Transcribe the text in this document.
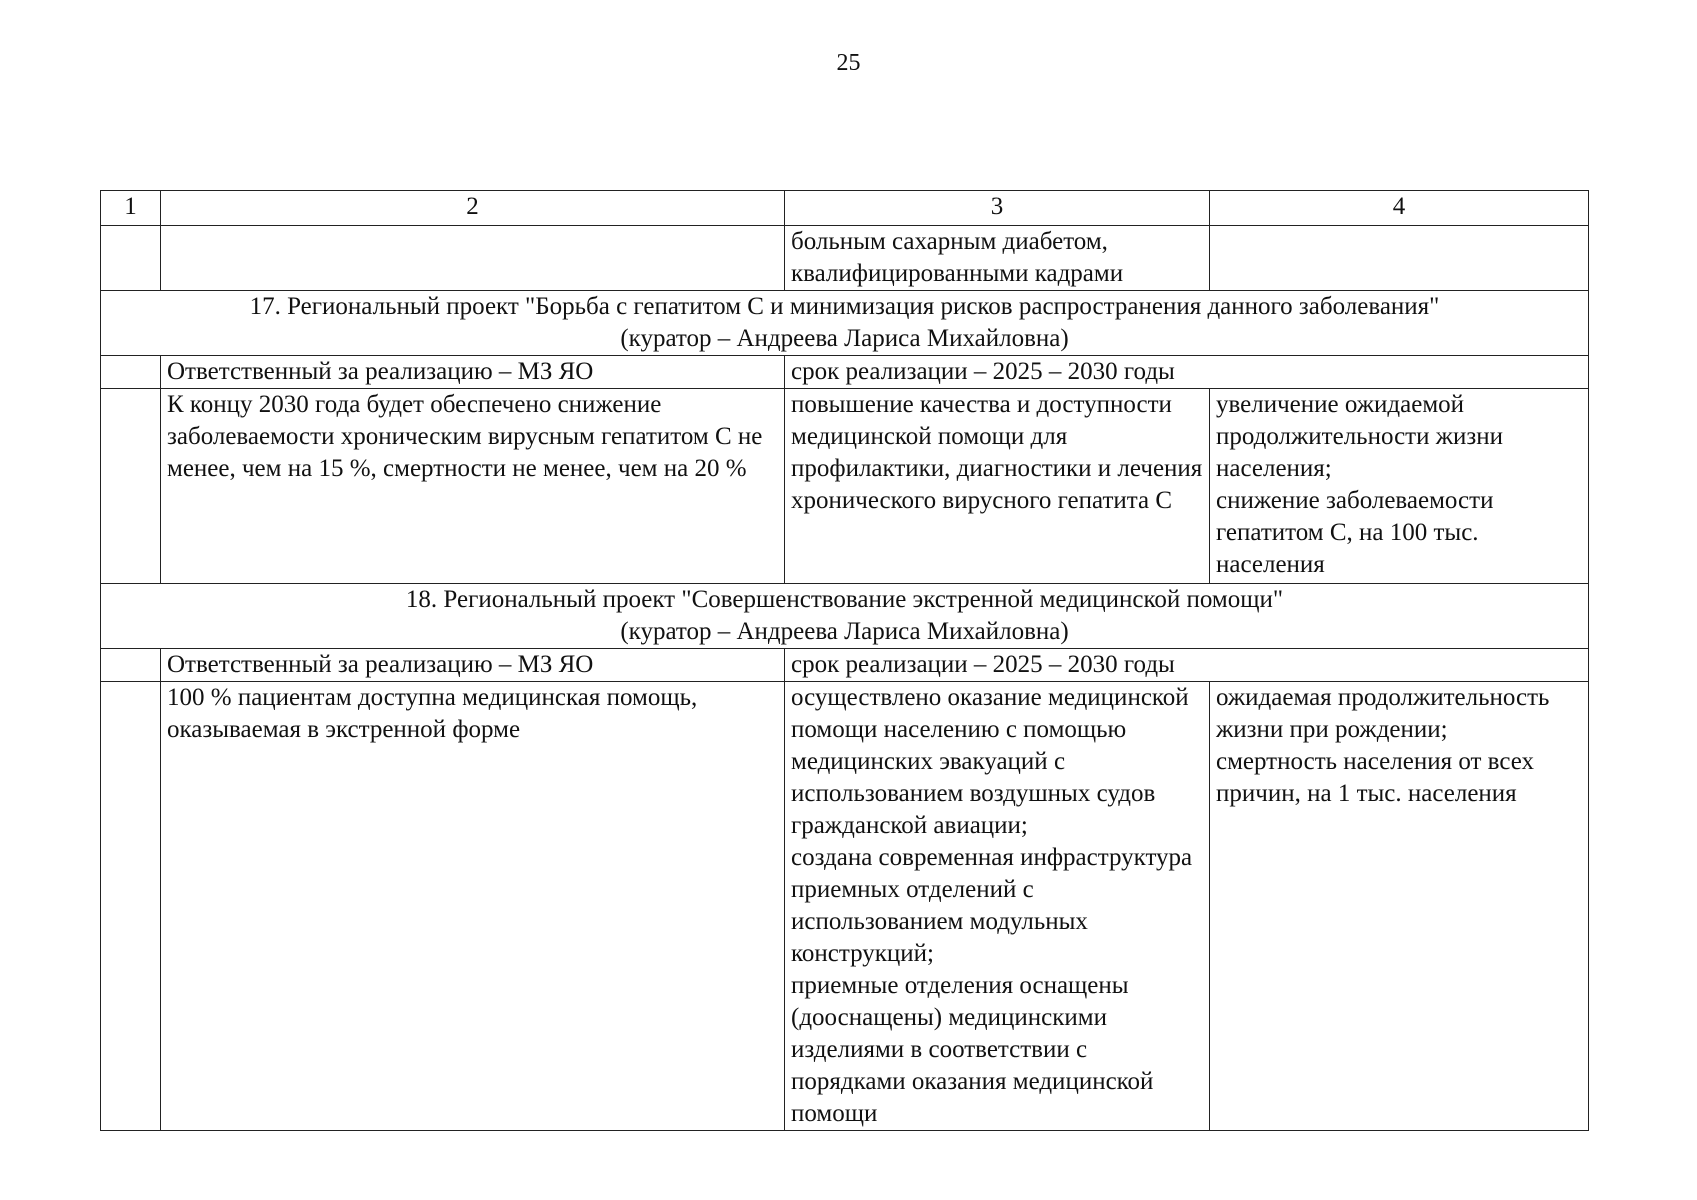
25
1	2	3	4

		больным сахарным диабетом,
квалифицированными кадрами	

17. Региональный проект "Борьба с гепатитом С и минимизация рисков распространения данного заболевания"
(куратор – Андреева Лариса Михайловна)			

	Ответственный за реализацию – МЗ ЯО	срок реализации – 2025 – 2030 годы	
	К концу 2030 года будет обеспечено снижение заболеваемости хроническим вирусным гепатитом С не менее, чем на 15 %, смертности не менее, чем на 20 %	повышение качества и доступности медицинской помощи для профилактики, диагностики и лечения хронического вирусного гепатита С	увеличение ожидаемой продолжительности жизни населения;
снижение заболеваемости гепатитом С, на 100 тыс. населения

18. Региональный проект "Совершенствование экстренной медицинской помощи"
(куратор – Андреева Лариса Михайловна)			

	Ответственный за реализацию – МЗ ЯО	срок реализации – 2025 – 2030 годы	
	100 % пациентам доступна медицинская помощь, оказываемая в экстренной форме	осуществлено оказание медицинской помощи населению с помощью медицинских эвакуаций с использованием воздушных судов гражданской авиации;
создана современная инфраструктура приемных отделений с использованием модульных конструкций;
приемные отделения оснащены (дооснащены) медицинскими изделиями в соответствии с порядками оказания медицинской помощи	ожидаемая продолжительность жизни при рождении;
смертность населения от всех причин, на 1 тыс. населения
